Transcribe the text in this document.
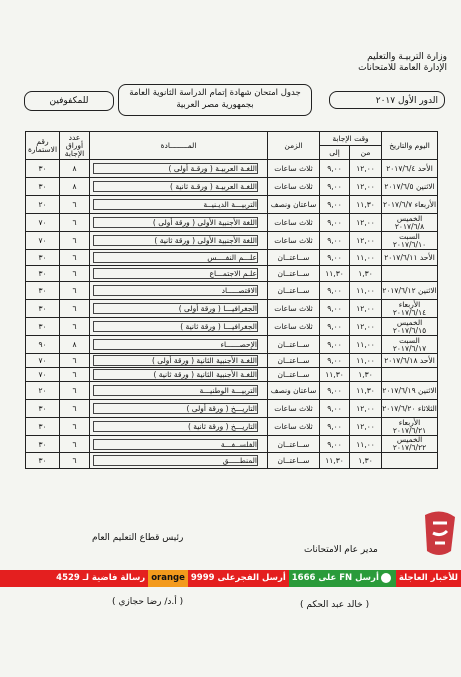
وزارة التربيـة والتعليم
الإدارة العامة للامتحانات
جدول امتحان شهادة إتمام الدراسة الثانوية العامة
بجمهورية مصر العربية	الدور الأول ٢٠١٧
للمكفوفين
اليوم والتاريخ	وقت الإجابة		الزمن	المــــــــادة	عدد أوراق الإجابة	رقم الاستمارة
	من	إلى				
الأحد ٢٠١٧/٦/٤	١٢,٠٠	٩,٠٠	ثلاث ساعات	اللغـة العربيـة ( ورقـة أولى )	٨	٣٠
الاثنين ٢٠١٧/٦/٥	١٢,٠٠	٩,٠٠	ثلاث ساعات	اللغـة العربيـة ( ورقـة ثانية )	٨	٣٠
الأربعاء ٢٠١٧/٦/٧	١١,٣٠	٩,٠٠	ساعتان ونصف	التربيـــة الديـنيــة	٦	٢٠
الخميس ٢٠١٧/٦/٨	١٢,٠٠	٩,٠٠	ثلاث ساعات	اللغة الأجنبية الأولى ( ورقة أولى )	٦	٧٠
السبت ٢٠١٧/٦/١٠	١٢,٠٠	٩,٠٠	ثلاث ساعات	اللغة الأجنبية الأولى ( ورقة ثانية )	٦	٧٠
الأحد ٢٠١٧/٦/١١	١١,٠٠	٩,٠٠	ســاعتــان	علـــم النفــــس	٦	٣٠
	١,٣٠	١١,٣٠	ســاعتــان	علـم الاجتمـــاع	٦	٣٠
الاثنين ٢٠١٧/٦/١٢	١١,٠٠	٩,٠٠	ســاعتــان	الاقتصـــــاد	٦	٣٠
الأربعاء ٢٠١٧/٦/١٤	١٢,٠٠	٩,٠٠	ثلاث ساعات	الجغرافيـــا ( ورقة أولى )	٦	٣٠
الخميس ٢٠١٧/٦/١٥	١٢,٠٠	٩,٠٠	ثلاث ساعات	الجغرافيـــا ( ورقة ثانية )	٦	٣٠
السبت ٢٠١٧/٦/١٧	١١,٠٠	٩,٠٠	ســاعتــان	الإحصــــــاء	٨	٩٠
الأحد ٢٠١٧/٦/١٨	١١,٠٠	٩,٠٠	ســاعتــان	اللغـة الأجنبية الثانية ( ورقة أولى )	٦	٧٠
	١,٣٠	١١,٣٠	ســاعتــان	اللغـة الأجنبية الثانية ( ورقة ثانية )	٦	٧٠
الاثنين ٢٠١٧/٦/١٩	١١,٣٠	٩,٠٠	ساعتان ونصف	التربيـــة الوطنيـــة	٦	٢٠
الثلاثاء ٢٠١٧/٦/٢٠	١٢,٠٠	٩,٠٠	ثلاث ساعات	التاريـــخ ( ورقة أولى )	٦	٣٠
الأربعاء ٢٠١٧/٦/٢١	١٢,٠٠	٩,٠٠	ثلاث ساعات	التاريـــخ ( ورقة ثانية )	٦	٣٠
الخميس ٢٠١٧/٦/٢٢	١١,٠٠	٩,٠٠	ســاعتــان	الفلســفـــة	٦	٣٠
	١,٣٠	١١,٣٠	ســاعتــان	المنطـــــق	٦	٣٠
رئيس قطاع التعليم العام
( أ.د/ رضا حجازي )
مدير عام الامتحانات
( خالد عبد الحكم )
للأخبار العاجلةأرسل FN على 1666أرسل الفجرعلى 9999orangeرسالة فاضية لـ 4529
